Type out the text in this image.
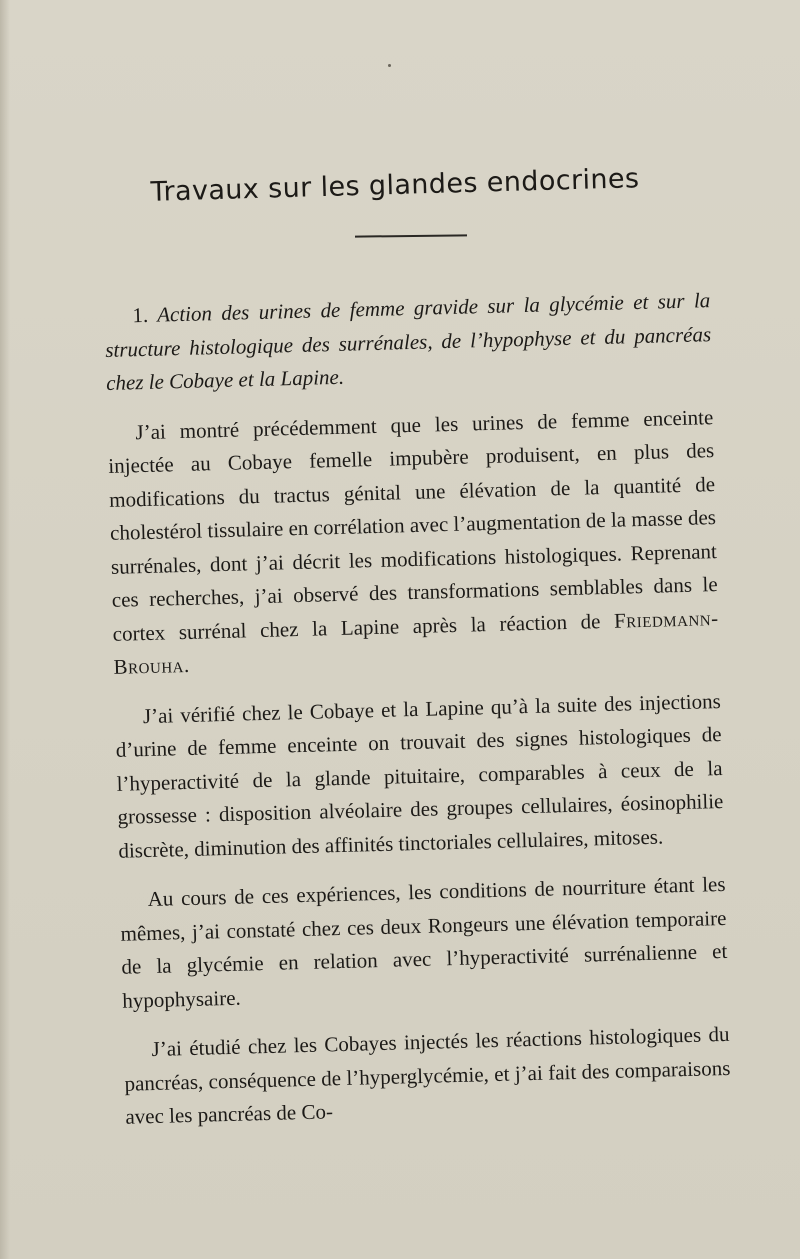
Travaux sur les glandes endocrines

1. Action des urines de femme gravide sur la glycémie et sur la structure histologique des surrénales, de l’hypophyse et du pancréas chez le Cobaye et la Lapine.

J’ai montré précédemment que les urines de femme enceinte injectée au Cobaye femelle impubère produisent, en plus des modifications du tractus génital une élévation de la quantité de cholestérol tissulaire en corrélation avec l’augmentation de la masse des surrénales, dont j’ai décrit les modifications histologiques. Reprenant ces recherches, j’ai observé des transformations semblables dans le cortex surrénal chez la Lapine après la réaction de Friedmann-Brouha.

J’ai vérifié chez le Cobaye et la Lapine qu’à la suite des injections d’urine de femme enceinte on trouvait des signes histologiques de l’hyperactivité de la glande pituitaire, comparables à ceux de la grossesse : disposition alvéolaire des groupes cellulaires, éosinophilie discrète, diminution des affinités tinctoriales cellulaires, mitoses.

Au cours de ces expériences, les conditions de nourriture étant les mêmes, j’ai constaté chez ces deux Rongeurs une élévation temporaire de la glycémie en relation avec l’hyperactivité surrénalienne et hypophysaire.

J’ai étudié chez les Cobayes injectés les réactions histologiques du pancréas, conséquence de l’hyperglycémie, et j’ai fait des comparaisons avec les pancréas de Co-
